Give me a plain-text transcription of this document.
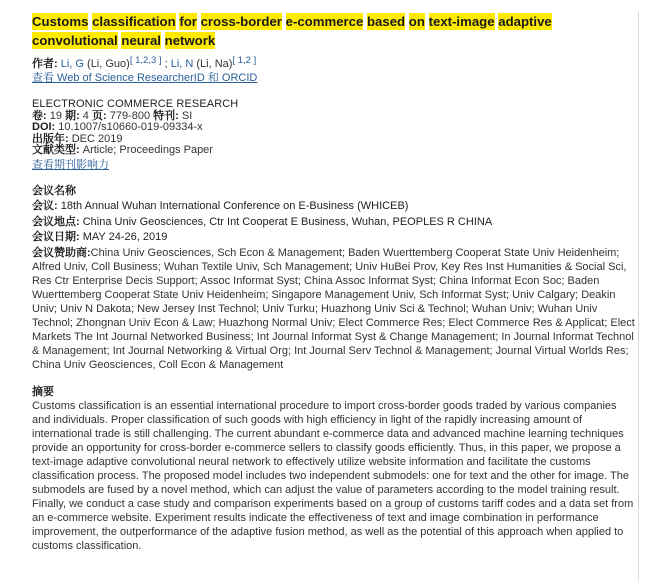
Customs classification for cross-border e-commerce based on text-image adaptive convolutional neural network
作者: Li, G (Li, Guo)[ 1,2,3 ] ; Li, N (Li, Na)[ 1,2 ]
查看 Web of Science ResearcherID 和 ORCID
ELECTRONIC COMMERCE RESEARCH
卷: 19 期: 4 页: 779-800 特刊: SI
DOI: 10.1007/s10660-019-09334-x
出版年: DEC 2019
文献类型: Article; Proceedings Paper
查看期刊影响力
会议名称
会议: 18th Annual Wuhan International Conference on E-Business (WHICEB)
会议地点: China Univ Geosciences, Ctr Int Cooperat E Business, Wuhan, PEOPLES R CHINA
会议日期: MAY 24-26, 2019
会议赞助商:China Univ Geosciences, Sch Econ & Management; Baden Wuerttemberg Cooperat State Univ Heidenheim; Alfred Univ, Coll Business; Wuhan Textile Univ, Sch Management; Univ HuBei Prov, Key Res Inst Humanities & Social Sci, Res Ctr Enterprise Decis Support; Assoc Informat Syst; China Assoc Informat Syst; China Informat Econ Soc; Baden Wuerttemberg Cooperat State Univ Heidenheim; Singapore Management Univ, Sch Informat Syst; Univ Calgary; Deakin Univ; Univ N Dakota; New Jersey Inst Technol; Univ Turku; Huazhong Univ Sci & Technol; Wuhan Univ; Wuhan Univ Technol; Zhongnan Univ Econ & Law; Huazhong Normal Univ; Elect Commerce Res; Elect Commerce Res & Applicat; Elect Markets The Int Journal Networked Business; Int Journal Informat Syst & Change Management; In Journal Informat Technol & Management; Int Journal Networking & Virtual Org; Int Journal Serv Technol & Management; Journal Virtual Worlds Res; China Univ Geosciences, Coll Econ & Management
摘要

Customs classification is an essential international procedure to import cross-border goods traded by various companies and individuals. Proper classification of such goods with high efficiency in light of the rapidly increasing amount of international trade is still challenging. The current abundant e-commerce data and advanced machine learning techniques provide an opportunity for cross-border e-commerce sellers to classify goods efficiently. Thus, in this paper, we propose a text-image adaptive convolutional neural network to effectively utilize website information and facilitate the customs classification process. The proposed model includes two independent submodels: one for text and the other for image. The submodels are fused by a novel method, which can adjust the value of parameters according to the model training result. Finally, we conduct a case study and comparison experiments based on a group of customs tariff codes and a data set from an e-commerce website. Experiment results indicate the effectiveness of text and image combination in performance improvement, the outperformance of the adaptive fusion method, as well as the potential of this approach when applied to customs classification.
